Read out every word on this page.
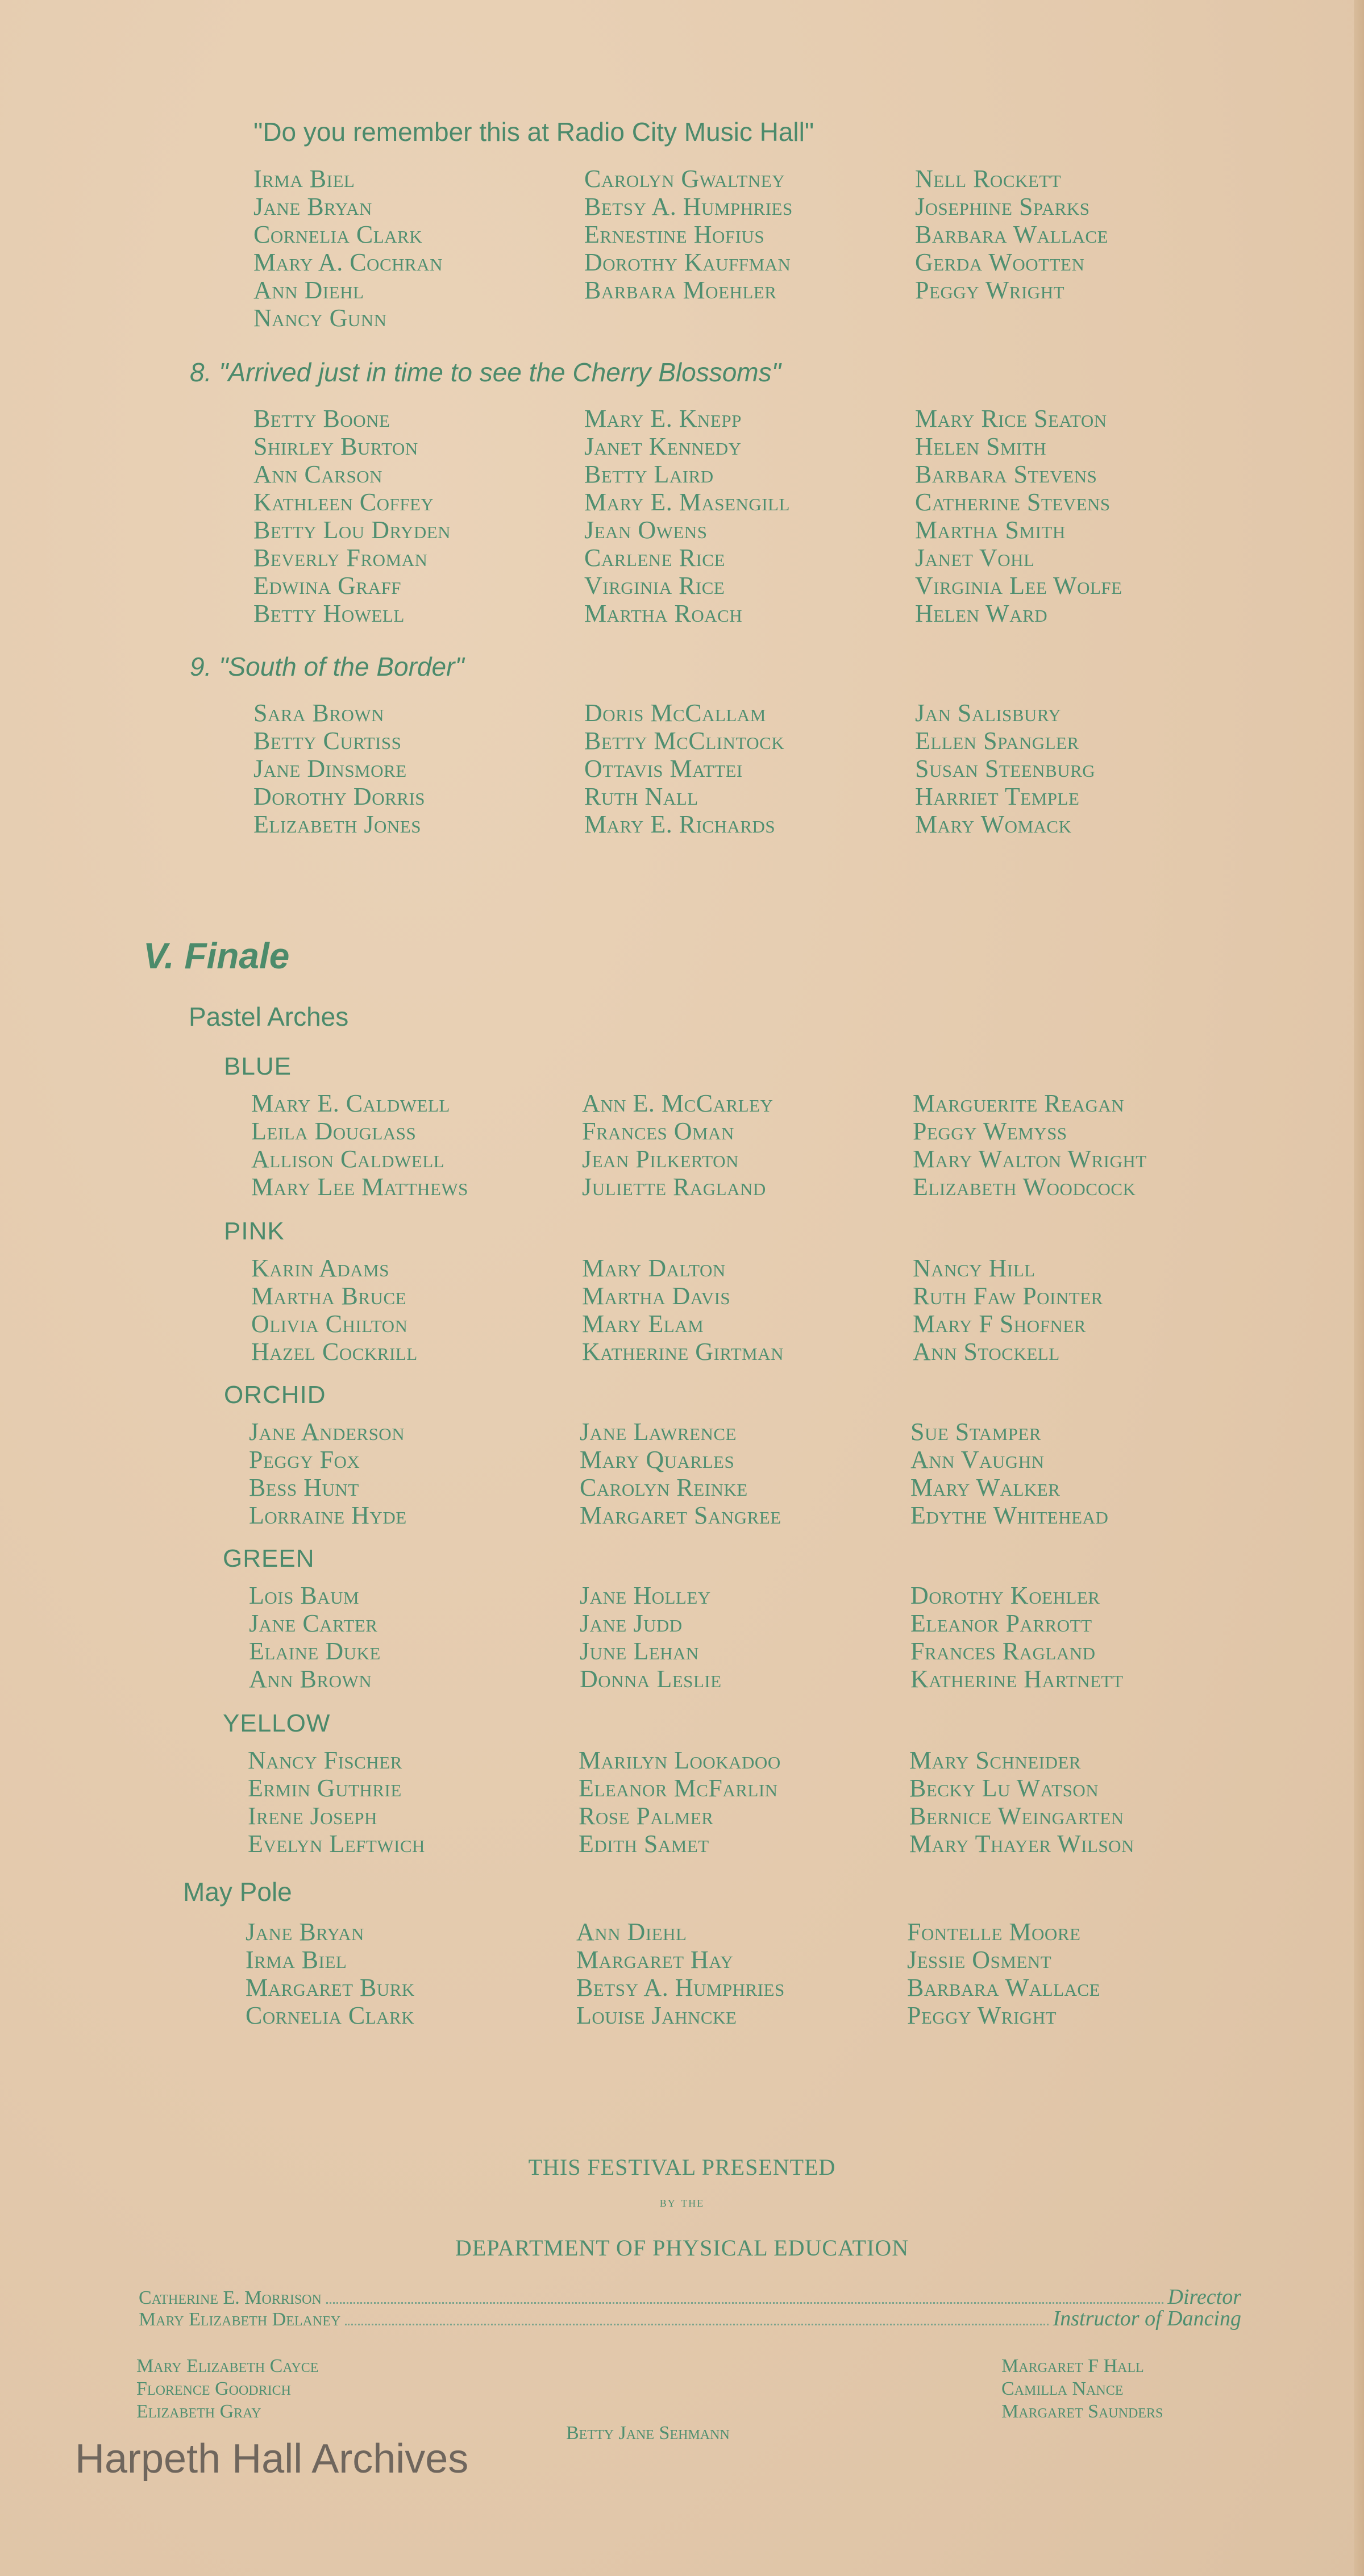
"Do you remember this at Radio City Music Hall"
Irma Biel
Jane Bryan
Cornelia Clark
Mary A. Cochran
Ann Diehl
Nancy Gunn
Carolyn Gwaltney
Betsy A. Humphries
Ernestine Hofius
Dorothy Kauffman
Barbara Moehler
Nell Rockett
Josephine Sparks
Barbara Wallace
Gerda Wootten
Peggy Wright
8. "Arrived just in time to see the Cherry Blossoms"
Betty Boone
Shirley Burton
Ann Carson
Kathleen Coffey
Betty Lou Dryden
Beverly Froman
Edwina Graff
Betty Howell
Mary E. Knepp
Janet Kennedy
Betty Laird
Mary E. Masengill
Jean Owens
Carlene Rice
Virginia Rice
Martha Roach
Mary Rice Seaton
Helen Smith
Barbara Stevens
Catherine Stevens
Martha Smith
Janet Vohl
Virginia Lee Wolfe
Helen Ward
9. "South of the Border"
Sara Brown
Betty Curtiss
Jane Dinsmore
Dorothy Dorris
Elizabeth Jones
Doris McCallam
Betty McClintock
Ottavis Mattei
Ruth Nall
Mary E. Richards
Jan Salisbury
Ellen Spangler
Susan Steenburg
Harriet Temple
Mary Womack
V. Finale
Pastel Arches
BLUE
Mary E. Caldwell
Leila Douglass
Allison Caldwell
Mary Lee Matthews
Ann E. McCarley
Frances Oman
Jean Pilkerton
Juliette Ragland
Marguerite Reagan
Peggy Wemyss
Mary Walton Wright
Elizabeth Woodcock
PINK
Karin Adams
Martha Bruce
Olivia Chilton
Hazel Cockrill
Mary Dalton
Martha Davis
Mary Elam
Katherine Girtman
Nancy Hill
Ruth Faw Pointer
Mary F Shofner
Ann Stockell
ORCHID
Jane Anderson
Peggy Fox
Bess Hunt
Lorraine Hyde
Jane Lawrence
Mary Quarles
Carolyn Reinke
Margaret Sangree
Sue Stamper
Ann Vaughn
Mary Walker
Edythe Whitehead
GREEN
Lois Baum
Jane Carter
Elaine Duke
Ann Brown
Jane Holley
Jane Judd
June Lehan
Donna Leslie
Dorothy Koehler
Eleanor Parrott
Frances Ragland
Katherine Hartnett
YELLOW
Nancy Fischer
Ermin Guthrie
Irene Joseph
Evelyn Leftwich
Marilyn Lookadoo
Eleanor McFarlin
Rose Palmer
Edith Samet
Mary Schneider
Becky Lu Watson
Bernice Weingarten
Mary Thayer Wilson
May Pole
Jane Bryan
Irma Biel
Margaret Burk
Cornelia Clark
Ann Diehl
Margaret Hay
Betsy A. Humphries
Louise Jahncke
Fontelle Moore
Jessie Osment
Barbara Wallace
Peggy Wright
THIS FESTIVAL PRESENTED
by the
DEPARTMENT OF PHYSICAL EDUCATION
Catherine E. Morrison	Director
Mary Elizabeth Delaney	Instructor of Dancing
Mary Elizabeth Cayce
Florence Goodrich
Elizabeth Gray
Margaret F Hall
Camilla Nance
Margaret Saunders
Betty Jane Sehmann
Harpeth Hall Archives
